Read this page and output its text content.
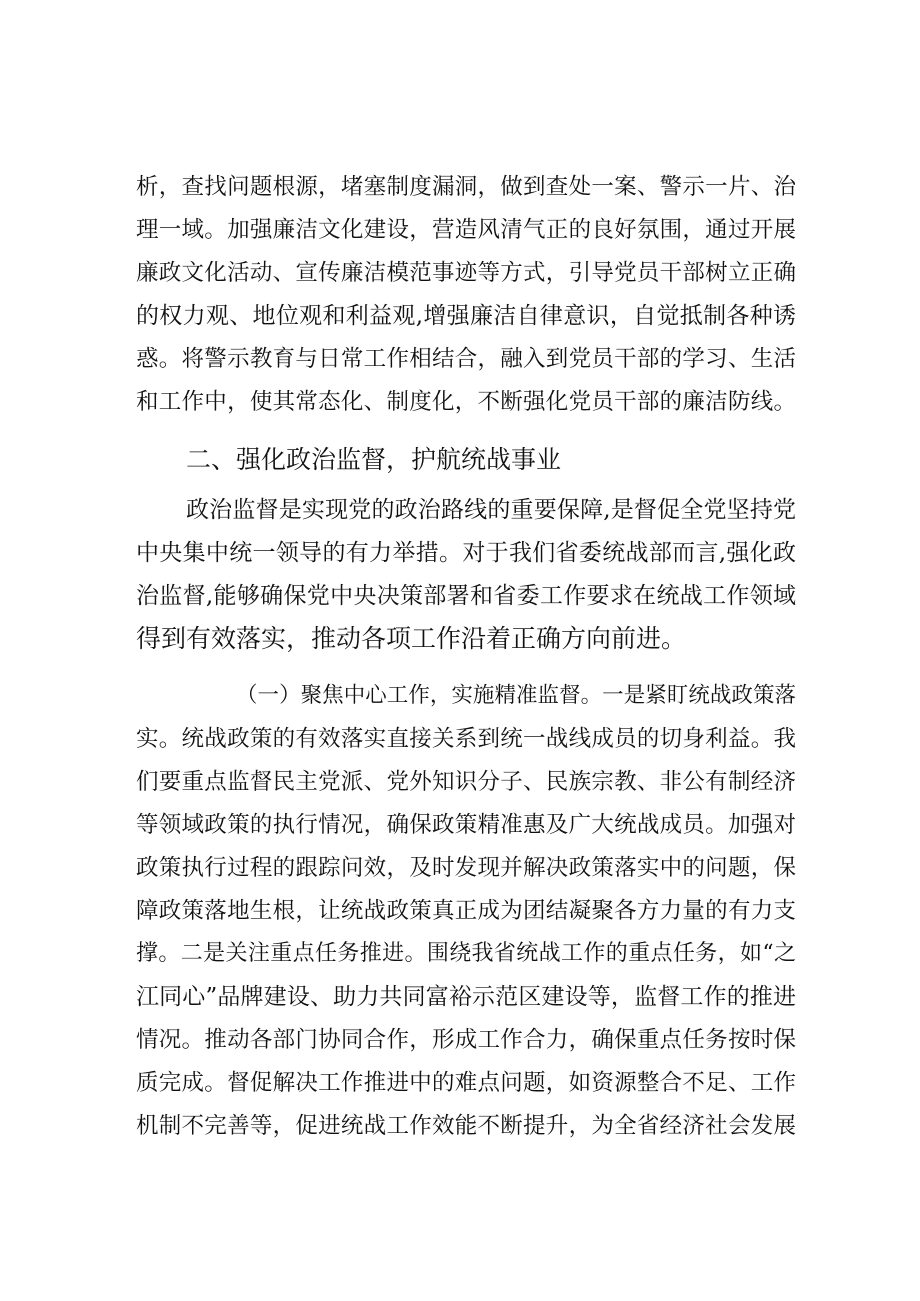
析，查找问题根源，堵塞制度漏洞，做到查处一案、警示一片、治
理一域。加强廉洁文化建设，营造风清气正的良好氛围，通过开展
廉政文化活动、宣传廉洁模范事迹等方式，引导党员干部树立正确
的权力观、地位观和利益观,增强廉洁自律意识，自觉抵制各种诱
惑。将警示教育与日常工作相结合，融入到党员干部的学习、生活
和工作中，使其常态化、制度化，不断强化党员干部的廉洁防线。
二、强化政治监督，护航统战事业
政治监督是实现党的政治路线的重要保障,是督促全党坚持党
中央集中统一领导的有力举措。对于我们省委统战部而言,强化政
治监督,能够确保党中央决策部署和省委工作要求在统战工作领域
得到有效落实，推动各项工作沿着正确方向前进。
（一）聚焦中心工作，实施精准监督。一是紧盯统战政策落
实。统战政策的有效落实直接关系到统一战线成员的切身利益。我
们要重点监督民主党派、党外知识分子、民族宗教、非公有制经济
等领域政策的执行情况，确保政策精准惠及广大统战成员。加强对
政策执行过程的跟踪问效，及时发现并解决政策落实中的问题，保
障政策落地生根，让统战政策真正成为团结凝聚各方力量的有力支
撑。二是关注重点任务推进。围绕我省统战工作的重点任务，如“之
江同心”品牌建设、助力共同富裕示范区建设等，监督工作的推进
情况。推动各部门协同合作，形成工作合力，确保重点任务按时保
质完成。督促解决工作推进中的难点问题，如资源整合不足、工作
机制不完善等，促进统战工作效能不断提升，为全省经济社会发展
